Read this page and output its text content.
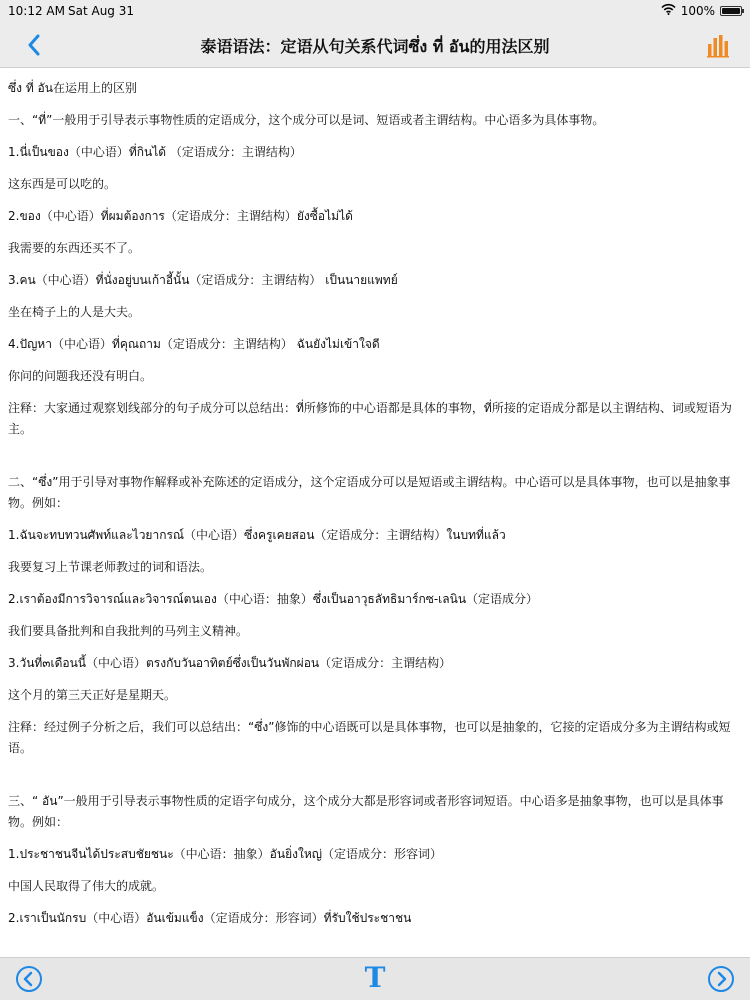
10:12 AM Sat Aug 31	100%
泰语语法：定语从句关系代词ซึ่ง ที่ อัน的用法区别

ซึ่ง ที่ อัน在运用上的区别

一、“ที่”一般用于引导表示事物性质的定语成分，这个成分可以是词、短语或者主谓结构。中心语多为具体事物。

1.นี่เป็นของ（中心语）ที่กินได้ （定语成分：主谓结构）

这东西是可以吃的。

2.ของ（中心语）ที่ผมต้องการ（定语成分：主谓结构）ยังซื้อไม่ได้

我需要的东西还买不了。

3.คน（中心语）ที่นั่งอยู่บนเก้าอี้นั้น（定语成分：主谓结构） เป็นนายแพทย์

坐在椅子上的人是大夫。

4.ปัญหา（中心语）ที่คุณถาม（定语成分：主谓结构） ฉันยังไม่เข้าใจดี

你问的问题我还没有明白。

注释：大家通过观察划线部分的句子成分可以总结出：ที่所修饰的中心语都是具体的事物，ที่所接的定语成分都是以主谓结构、词或短语为主。

二、“ซึ่ง”用于引导对事物作解释或补充陈述的定语成分，这个定语成分可以是短语或主谓结构。中心语可以是具体事物，也可以是抽象事物。例如：

1.ฉันจะทบทวนศัพท์และไวยากรณ์（中心语）ซึ่งครูเคยสอน（定语成分：主谓结构）ในบทที่แล้ว

我要复习上节课老师教过的词和语法。

2.เราต้องมีการวิจารณ์และวิจารณ์ตนเอง（中心语：抽象）ซึ่งเป็นอาวุธลัทธิมาร์กซ-เลนิน（定语成分）

我们要具备批判和自我批判的马列主义精神。

3.วันที่๓เดือนนี้（中心语）ตรงกับวันอาทิตย์ซึ่งเป็นวันพักผ่อน（定语成分：主谓结构）

这个月的第三天正好是星期天。

注释：经过例子分析之后，我们可以总结出：“ซึ่ง”修饰的中心语既可以是具体事物，也可以是抽象的，它接的定语成分多为主谓结构或短语。

三、“ อัน”一般用于引导表示事物性质的定语字句成分，这个成分大都是形容词或者形容词短语。中心语多是抽象事物，也可以是具体事物。例如：

1.ประชาชนจีนได้ประสบชัยชนะ（中心语：抽象）อันยิ่งใหญ่（定语成分：形容词）

中国人民取得了伟大的成就。

2.เราเป็นนักรบ（中心语）อันเข้มแข็ง（定语成分：形容词）ที่รับใช้ประชาชน

T
